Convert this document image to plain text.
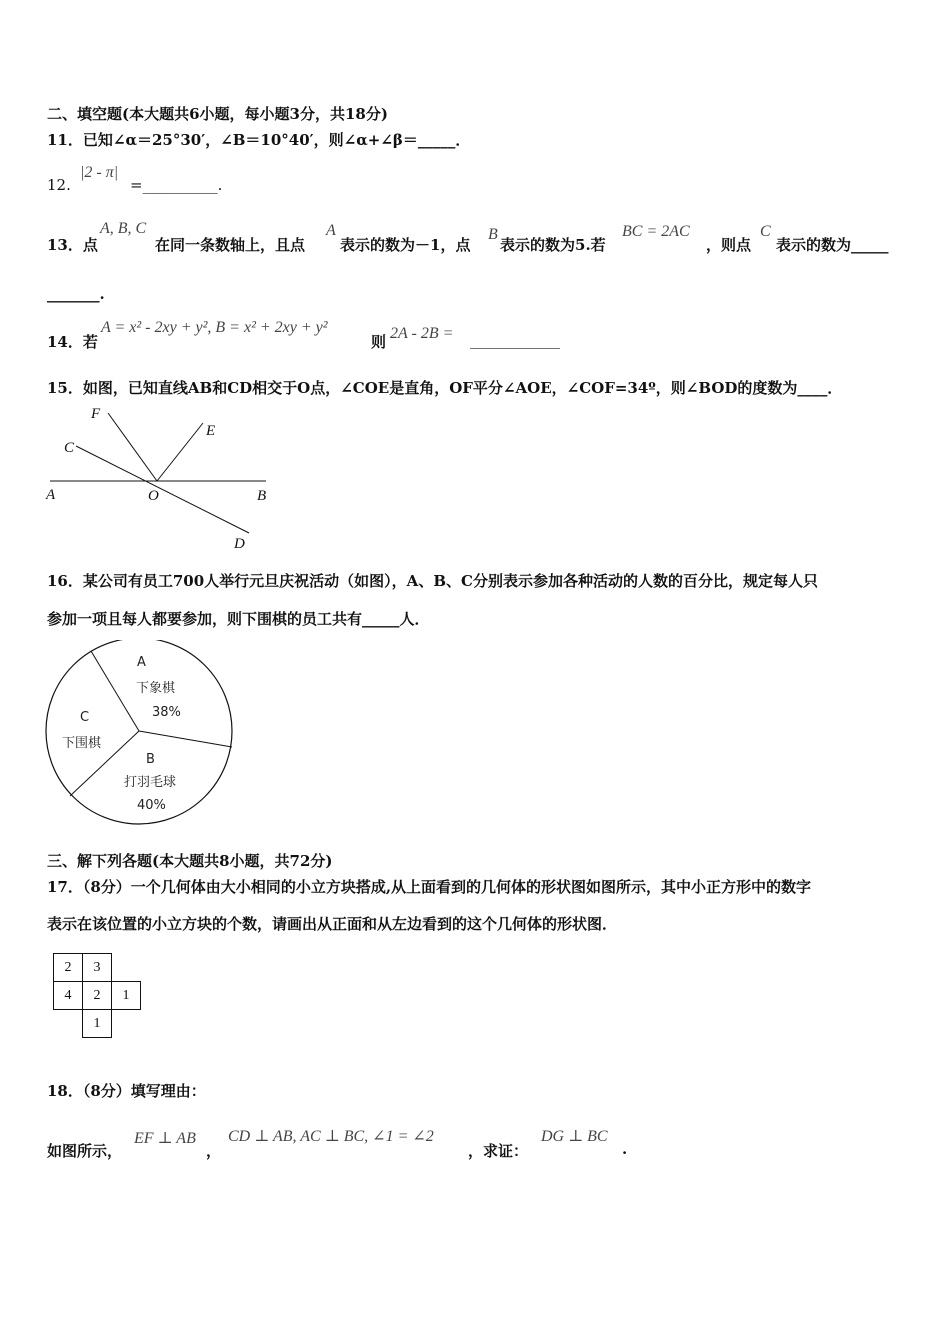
二、填空题(本大题共6小题，每小题3分，共18分)
11．已知∠α＝25°30′，∠B＝10°40′，则∠α+∠β＝_____．
12.
|2 - π|
=__________.
13．点
A, B, C
在同一条数轴上，且点
A
表示的数为－1，点
B
表示的数为5.若
BC = 2AC
，则点
C
表示的数为_____
_______.
14．若
A = x² - 2xy + y², B = x² + 2xy + y²
则 2A - 2B = ____________
15．如图，已知直线AB和CD相交于O点，∠COE是直角，OF平分∠AOE，∠COF=34º，则∠BOD的度数为____．
F
E
C
A	O	B
D
16．某公司有员工700人举行元旦庆祝活动（如图），A、B、C分别表示参加各种活动的人数的百分比，规定每人只
参加一项且每人都要参加，则下围棋的员工共有_____人．
A
下象棋
38%
B
打羽毛球
40%
C
下围棋
三、解下列各题(本大题共8小题，共72分)
17．（8分）一个几何体由大小相同的小立方块搭成,从上面看到的几何体的形状图如图所示，其中小正方形中的数字
表示在该位置的小立方块的个数，请画出从正面和从左边看到的这个几何体的形状图．
2	3	
4	2	1
	1	
18．（8分）填写理由：
如图所示，
EF ⊥ AB
，
CD ⊥ AB, AC ⊥ BC, ∠1 = ∠2
，求证：
DG ⊥ BC
.
